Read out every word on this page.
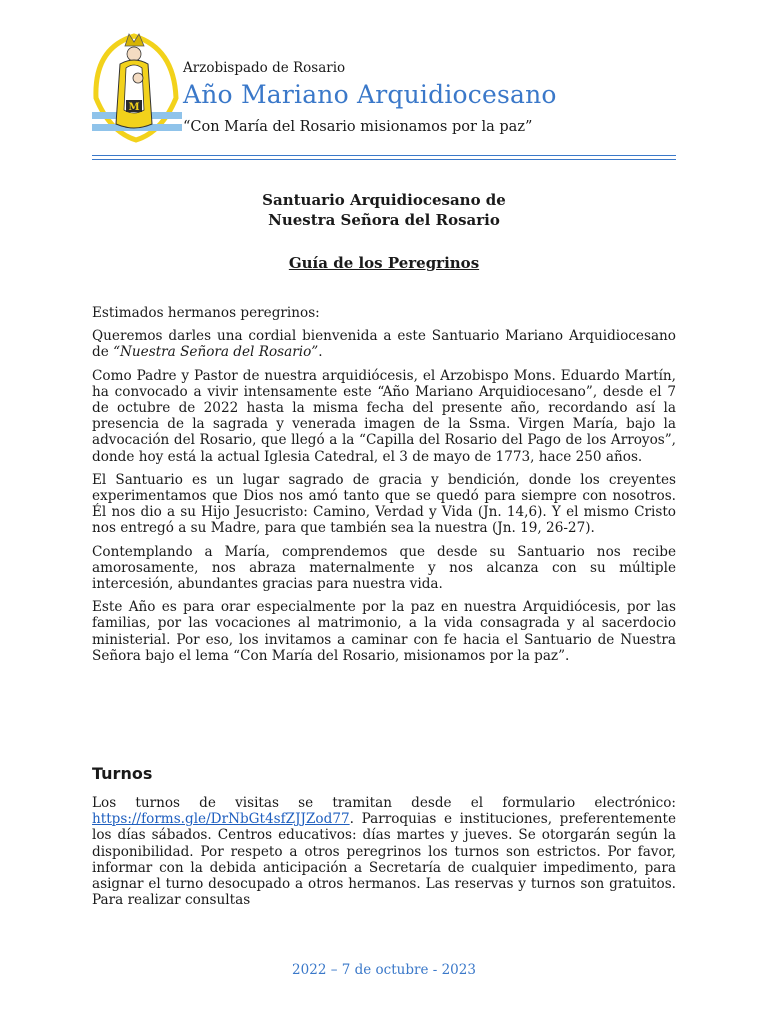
M
Arzobispado de Rosario
Año Mariano Arquidiocesano
“Con María del Rosario misionamos por la paz”
Santuario Arquidiocesano de
Nuestra Señora del Rosario
Guía de los Peregrinos

Estimados hermanos peregrinos:

Queremos darles una cordial bienvenida a este Santuario Mariano Arquidiocesano de “Nuestra Señora del Rosario”.

Como Padre y Pastor de nuestra arquidiócesis, el Arzobispo Mons. Eduardo Martín, ha convocado a vivir intensamente este “Año Mariano Arquidiocesano”, desde el 7 de octubre de 2022 hasta la misma fecha del presente año, recordando así la presencia de la sagrada y venerada imagen de la Ssma. Virgen María, bajo la advocación del Rosario, que llegó a la “Capilla del Rosario del Pago de los Arroyos”, donde hoy está la actual Iglesia Catedral, el 3 de mayo de 1773, hace 250 años.

El Santuario es un lugar sagrado de gracia y bendición, donde los creyentes experimentamos que Dios nos amó tanto que se quedó para siempre con nosotros. Él nos dio a su Hijo Jesucristo: Camino, Verdad y Vida (Jn. 14,6). Y el mismo Cristo nos entregó a su Madre, para que también sea la nuestra (Jn. 19, 26-27).

Contemplando a María, comprendemos que desde su Santuario nos recibe amorosamente, nos abraza maternalmente y nos alcanza con su múltiple intercesión, abundantes gracias para nuestra vida.

Este Año es para orar especialmente por la paz en nuestra Arquidiócesis, por las familias, por las vocaciones al matrimonio, a la vida consagrada y al sacerdocio ministerial. Por eso, los invitamos a caminar con fe hacia el Santuario de Nuestra Señora bajo el lema “Con María del Rosario, misionamos por la paz”.

Turnos
Los turnos de visitas se tramitan desde el formulario electrónico: https://forms.gle/DrNbGt4sfZJJZod77. Parroquias e instituciones, preferentemente los días sábados. Centros educativos: días martes y jueves. Se otorgarán según la disponibilidad. Por respeto a otros peregrinos los turnos son estrictos. Por favor, informar con la debida anticipación a Secretaría de cualquier impedimento, para asignar el turno desocupado a otros hermanos. Las reservas y turnos son gratuitos. Para realizar consultas
2022 – 7 de octubre - 2023
